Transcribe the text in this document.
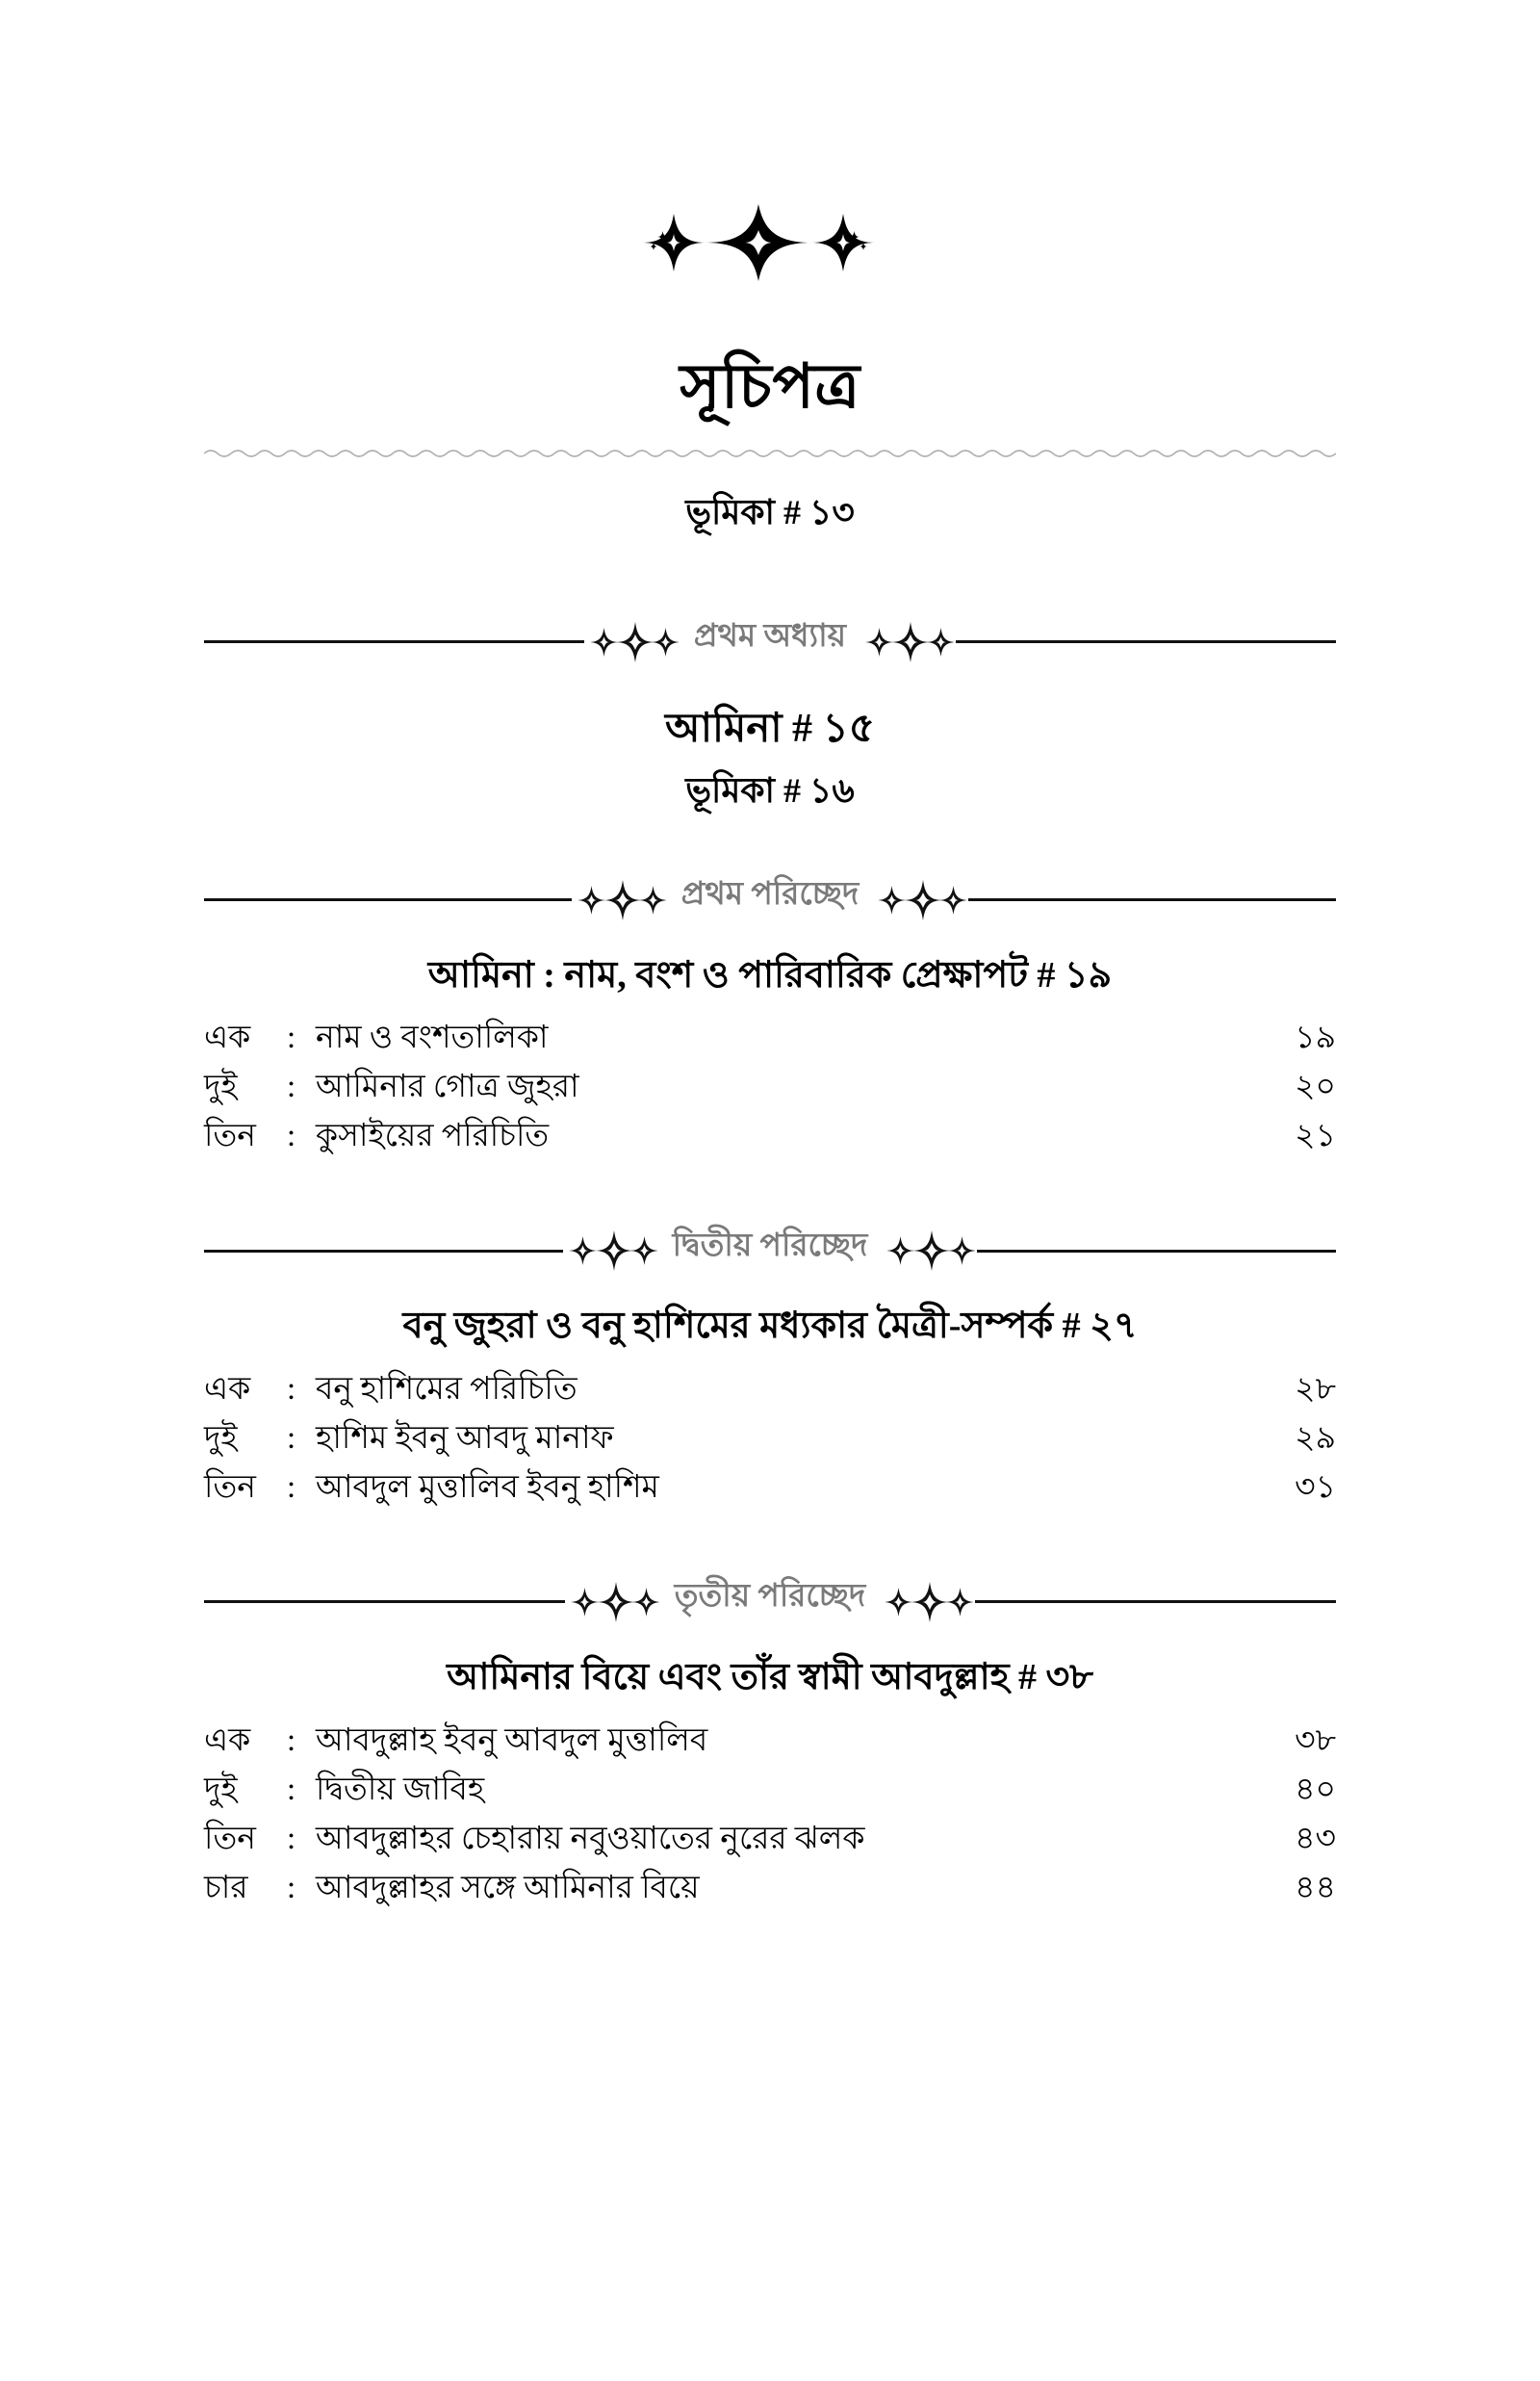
সূচিপত্র
ভূমিকা # ১৩
প্রথম অধ্যায়
আমিনা # ১৫
ভূমিকা # ১৬
প্রথম পরিচ্ছেদ
আমিনা : নাম, বংশ ও পারিবারিক প্রেক্ষাপট # ১৯
এক	: নাম ও বংশতালিকা	১৯
দুই	: আমিনার গোত্র জুহরা	২০
তিন : কুসাইয়ের পরিচিতি	২১
দ্বিতীয় পরিচ্ছেদ
বনু জুহরা ও বনু হাশিমের মধ্যকার মৈত্রী-সম্পর্ক # ২৭
এক	: বনু হাশিমের পরিচিতি	২৮
দুই	: হাশিম ইবনু আবদু মানাফ	২৯
তিন : আবদুল মুত্তালিব ইবনু হাশিম	৩১
তৃতীয় পরিচ্ছেদ
আমিনার বিয়ে এবং তাঁর স্বামী আবদুল্লাহ # ৩৮
এক	: আবদুল্লাহ ইবনু আবদুল মুত্তালিব	৩৮
দুই	: দ্বিতীয় জাবিহ	৪০
তিন : আবদুল্লাহর চেহারায় নবুওয়াতের নুরের ঝলক	৪৩
চার	: আবদুল্লাহর সঙ্গে আমিনার বিয়ে	৪৪
